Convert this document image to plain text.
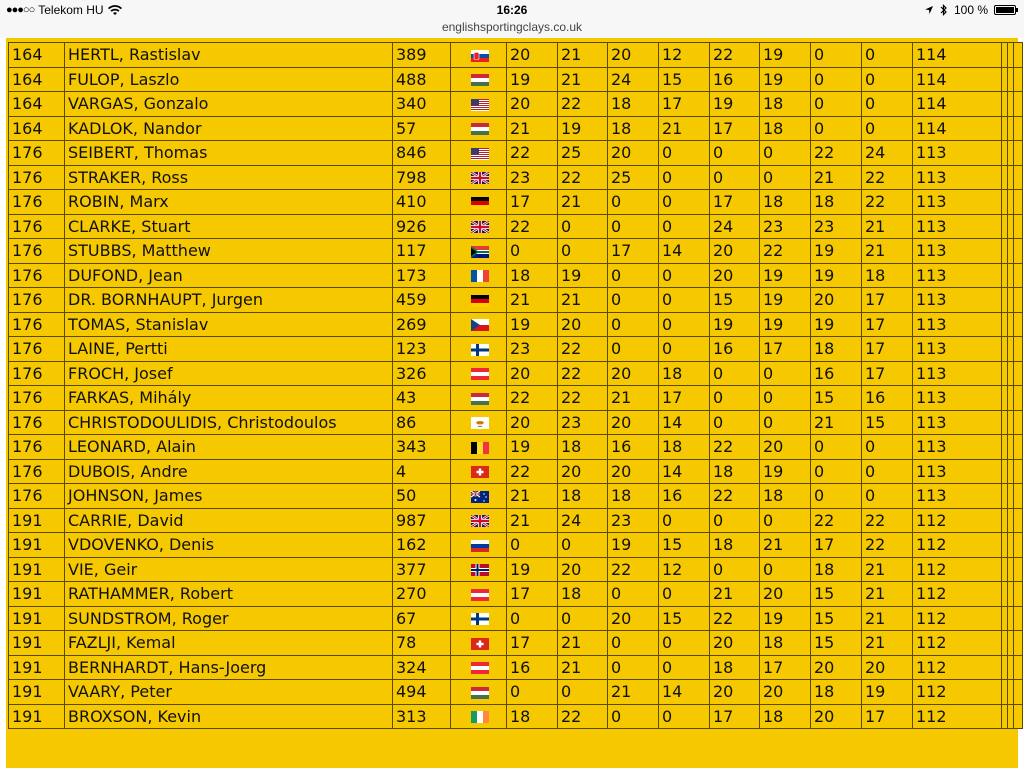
●●●○○ Telekom HU	16:26	100 %
englishsportingclays.co.uk
164	HERTL, Rastislav	389		20	21	20	12	22	19	0	0	114			
164	FULOP, Laszlo	488		19	21	24	15	16	19	0	0	114			
164	VARGAS, Gonzalo	340		20	22	18	17	19	18	0	0	114			
164	KADLOK, Nandor	57		21	19	18	21	17	18	0	0	114			
176	SEIBERT, Thomas	846		22	25	20	0	0	0	22	24	113			
176	STRAKER, Ross	798		23	22	25	0	0	0	21	22	113			
176	ROBIN, Marx	410		17	21	0	0	17	18	18	22	113			
176	CLARKE, Stuart	926		22	0	0	0	24	23	23	21	113			
176	STUBBS, Matthew	117		0	0	17	14	20	22	19	21	113			
176	DUFOND, Jean	173		18	19	0	0	20	19	19	18	113			
176	DR. BORNHAUPT, Jurgen	459		21	21	0	0	15	19	20	17	113			
176	TOMAS, Stanislav	269		19	20	0	0	19	19	19	17	113			
176	LAINE, Pertti	123		23	22	0	0	16	17	18	17	113			
176	FROCH, Josef	326		20	22	20	18	0	0	16	17	113			
176	FARKAS, Mihály	43		22	22	21	17	0	0	15	16	113			
176	CHRISTODOULIDIS, Christodoulos	86		20	23	20	14	0	0	21	15	113			
176	LEONARD, Alain	343		19	18	16	18	22	20	0	0	113			
176	DUBOIS, Andre	4		22	20	20	14	18	19	0	0	113			
176	JOHNSON, James	50		21	18	18	16	22	18	0	0	113			
191	CARRIE, David	987		21	24	23	0	0	0	22	22	112			
191	VDOVENKO, Denis	162		0	0	19	15	18	21	17	22	112			
191	VIE, Geir	377		19	20	22	12	0	0	18	21	112			
191	RATHAMMER, Robert	270		17	18	0	0	21	20	15	21	112			
191	SUNDSTROM, Roger	67		0	0	20	15	22	19	15	21	112			
191	FAZLJI, Kemal	78		17	21	0	0	20	18	15	21	112			
191	BERNHARDT, Hans-Joerg	324		16	21	0	0	18	17	20	20	112			
191	VAARY, Peter	494		0	0	21	14	20	20	18	19	112			
191	BROXSON, Kevin	313		18	22	0	0	17	18	20	17	112			
